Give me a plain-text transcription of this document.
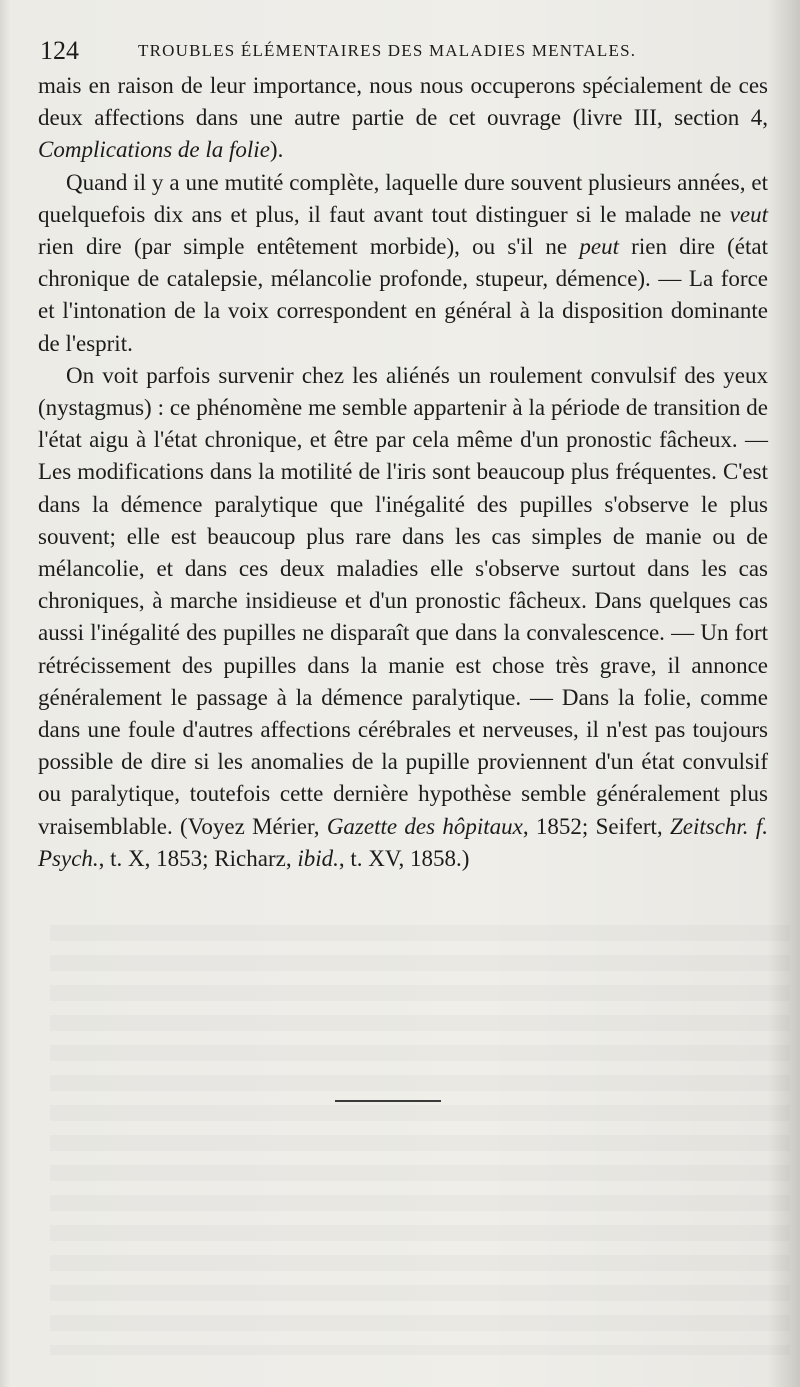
124	TROUBLES ÉLÉMENTAIRES DES MALADIES MENTALES.

mais en raison de leur importance, nous nous occuperons spécialement de ces deux affections dans une autre partie de cet ouvrage (livre III, section 4, Complications de la folie).

Quand il y a une mutité complète, laquelle dure souvent plusieurs années, et quelquefois dix ans et plus, il faut avant tout distinguer si le malade ne veut rien dire (par simple entêtement morbide), ou s'il ne peut rien dire (état chronique de catalepsie, mélancolie profonde, stupeur, démence). — La force et l'intonation de la voix correspondent en général à la disposition dominante de l'esprit.

On voit parfois survenir chez les aliénés un roulement convulsif des yeux (nystagmus) : ce phénomène me semble appartenir à la période de transition de l'état aigu à l'état chronique, et être par cela même d'un pronostic fâcheux. — Les modifications dans la motilité de l'iris sont beaucoup plus fréquentes. C'est dans la démence paralytique que l'inégalité des pupilles s'observe le plus souvent; elle est beaucoup plus rare dans les cas simples de manie ou de mélancolie, et dans ces deux maladies elle s'observe surtout dans les cas chroniques, à marche insidieuse et d'un pronostic fâcheux. Dans quelques cas aussi l'inégalité des pupilles ne disparaît que dans la convalescence. — Un fort rétrécissement des pupilles dans la manie est chose très grave, il annonce généralement le passage à la démence paralytique. — Dans la folie, comme dans une foule d'autres affections cérébrales et nerveuses, il n'est pas toujours possible de dire si les anomalies de la pupille proviennent d'un état convulsif ou paralytique, toutefois cette dernière hypothèse semble généralement plus vraisemblable. (Voyez Mérier, Gazette des hôpitaux, 1852; Seifert, Zeitschr. f. Psych., t. X, 1853; Richarz, ibid., t. XV, 1858.)
